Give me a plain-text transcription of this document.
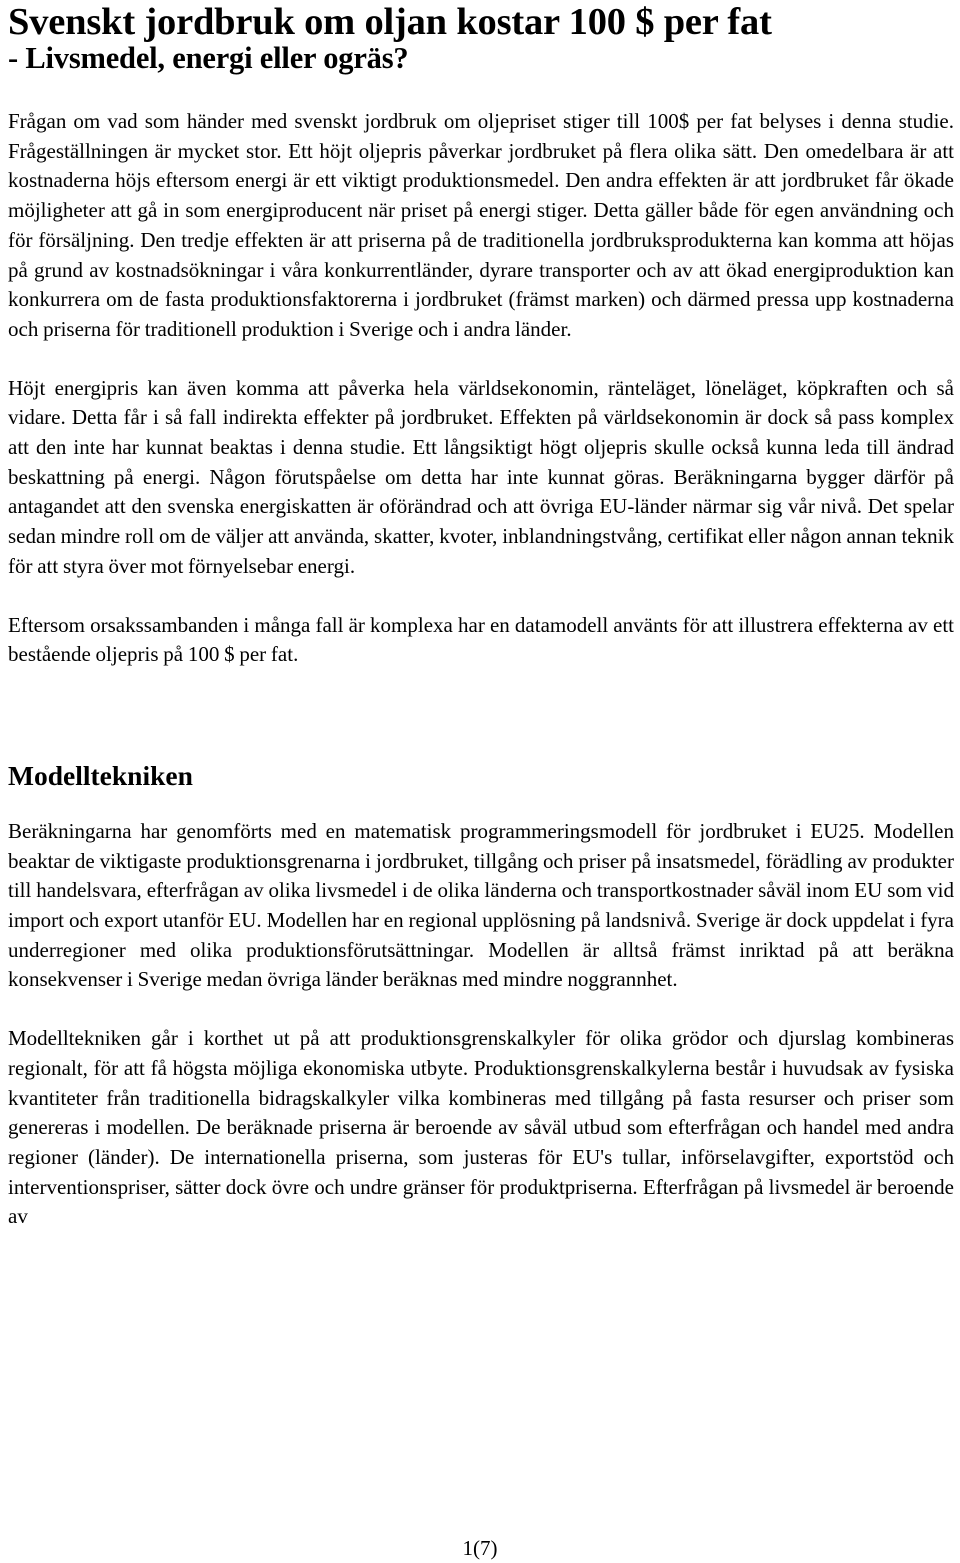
Svenskt jordbruk om oljan kostar 100 $ per fat
- Livsmedel, energi eller ogräs?

Frågan om vad som händer med svenskt jordbruk om oljepriset stiger till 100$ per fat belyses i denna studie. Frågeställningen är mycket stor. Ett höjt oljepris påverkar jordbruket på flera olika sätt. Den omedelbara är att kostnaderna höjs eftersom energi är ett viktigt produktionsmedel. Den andra effekten är att jordbruket får ökade möjligheter att gå in som energiproducent när priset på energi stiger. Detta gäller både för egen användning och för försäljning. Den tredje effekten är att priserna på de traditionella jordbruksprodukterna kan komma att höjas på grund av kostnadsökningar i våra konkurrentländer, dyrare transporter och av att ökad energiproduktion kan konkurrera om de fasta produktionsfaktorerna i jordbruket (främst marken) och därmed pressa upp kostnaderna och priserna för traditionell produktion i Sverige och i andra länder.

Höjt energipris kan även komma att påverka hela världsekonomin, ränteläget, löneläget, köpkraften och så vidare. Detta får i så fall indirekta effekter på jordbruket. Effekten på världsekonomin är dock så pass komplex att den inte har kunnat beaktas i denna studie. Ett långsiktigt högt oljepris skulle också kunna leda till ändrad beskattning på energi. Någon förutspåelse om detta har inte kunnat göras. Beräkningarna bygger därför på antagandet att den svenska energiskatten är oförändrad och att övriga EU-länder närmar sig vår nivå. Det spelar sedan mindre roll om de väljer att använda, skatter, kvoter, inblandningstvång, certifikat eller någon annan teknik för att styra över mot förnyelsebar energi.

Eftersom orsakssambanden i många fall är komplexa har en datamodell använts för att illustrera effekterna av ett bestående oljepris på 100 $ per fat.

Modelltekniken

Beräkningarna har genomförts med en matematisk programmeringsmodell för jordbruket i EU25. Modellen beaktar de viktigaste produktionsgrenarna i jordbruket, tillgång och priser på insatsmedel, förädling av produkter till handelsvara, efterfrågan av olika livsmedel i de olika länderna och transportkostnader såväl inom EU som vid import och export utanför EU. Modellen har en regional upplösning på landsnivå. Sverige är dock uppdelat i fyra underregioner med olika produktionsförutsättningar. Modellen är alltså främst inriktad på att beräkna konsekvenser i Sverige medan övriga länder beräknas med mindre noggrannhet.

Modelltekniken går i korthet ut på att produktionsgrenskalkyler för olika grödor och djurslag kombineras regionalt, för att få högsta möjliga ekonomiska utbyte. Produktionsgrenskalkylerna består i huvudsak av fysiska kvantiteter från traditionella bidragskalkyler vilka kombineras med tillgång på fasta resurser och priser som genereras i modellen. De beräknade priserna är beroende av såväl utbud som efterfrågan och handel med andra regioner (länder). De internationella priserna, som justeras för EU's tullar, införselavgifter, exportstöd och interventionspriser, sätter dock övre och undre gränser för produktpriserna. Efterfrågan på livsmedel är beroende av

1(7)
